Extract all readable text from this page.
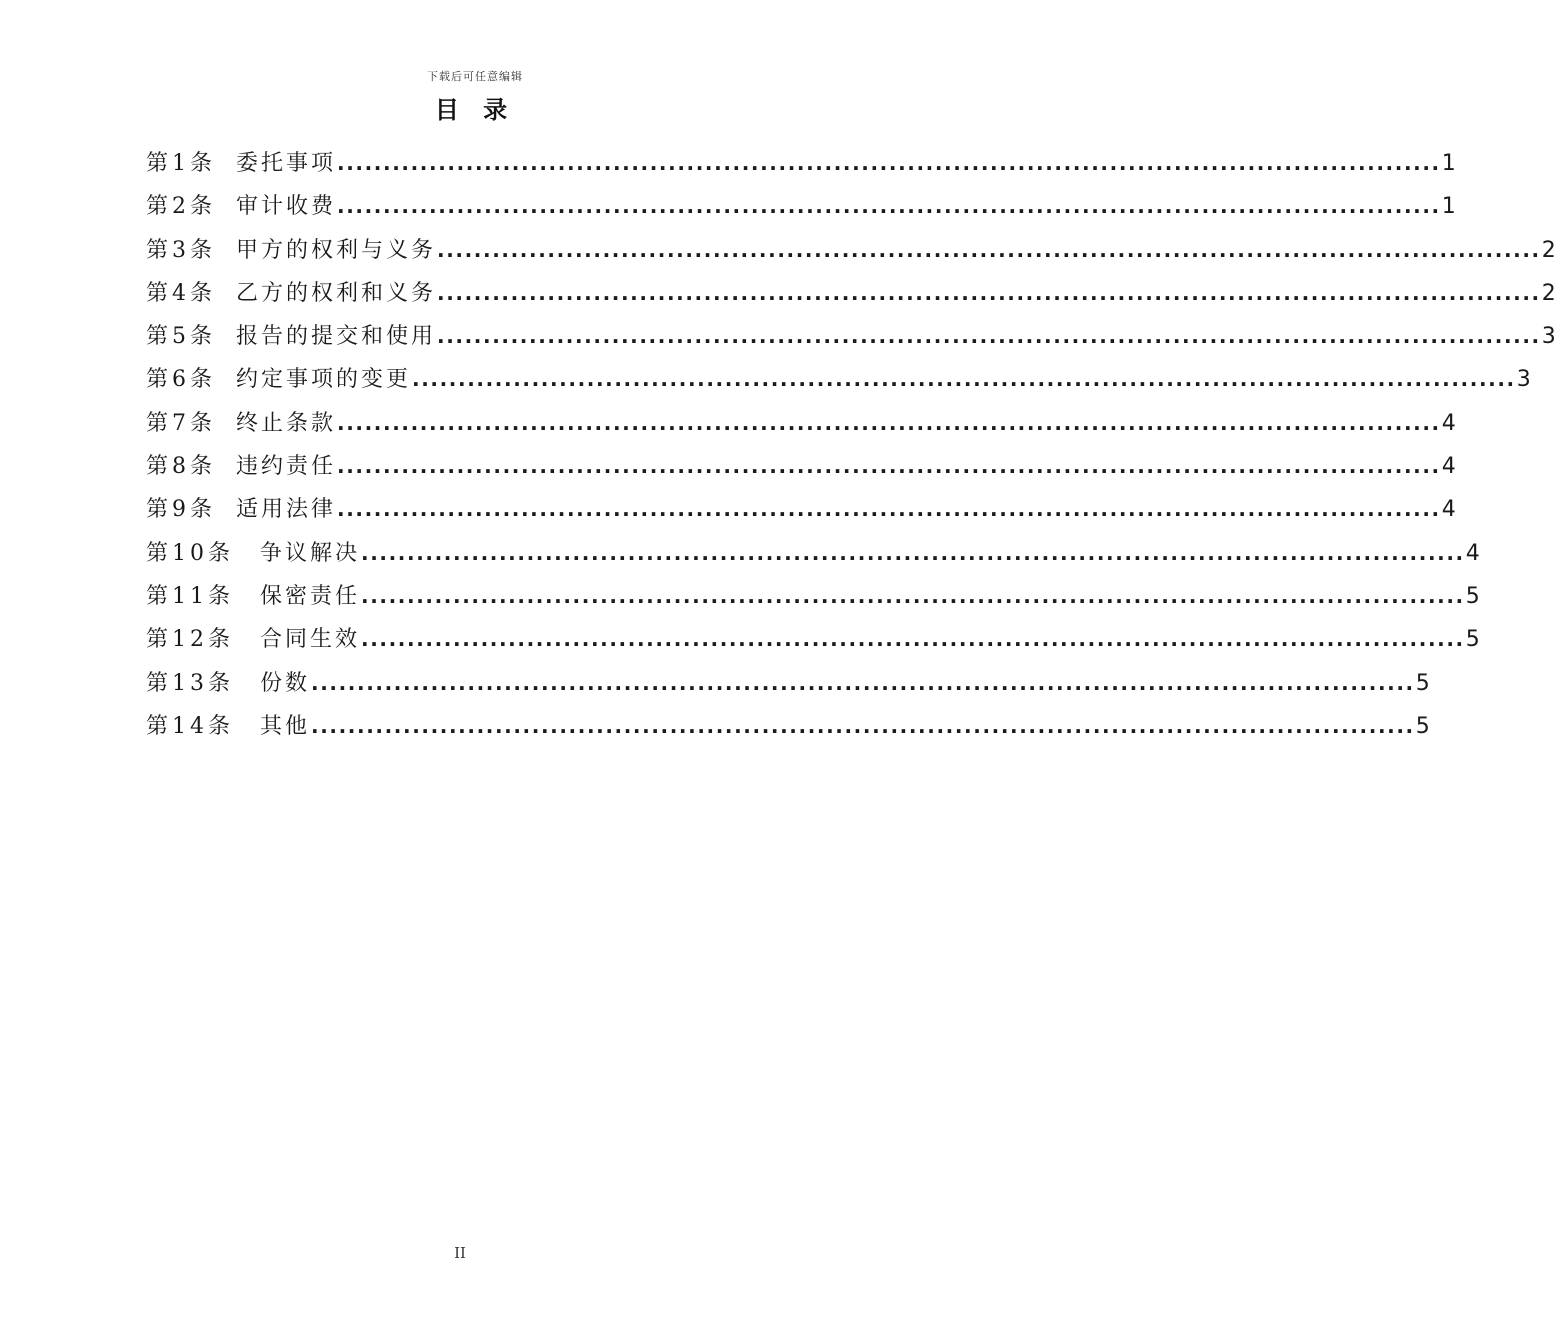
下载后可任意编辑
目 录
第1条 委托事项 ........................................................................................................................ 1
第2条 审计收费 ........................................................................................................................ 1
第3条 甲方的权利与义务 ........................................................................................................................ 2
第4条 乙方的权利和义务 ........................................................................................................................ 2
第5条 报告的提交和使用 ........................................................................................................................ 3
第6条 约定事项的变更 ........................................................................................................................ 3
第7条 终止条款 ........................................................................................................................ 4
第8条 违约责任 ........................................................................................................................ 4
第9条 适用法律 ........................................................................................................................ 4
第10条 争议解决 ........................................................................................................................ 4
第11条 保密责任 ........................................................................................................................ 5
第12条 合同生效 ........................................................................................................................ 5
第13条 份数 ........................................................................................................................ 5
第14条 其他 ........................................................................................................................ 5
II
